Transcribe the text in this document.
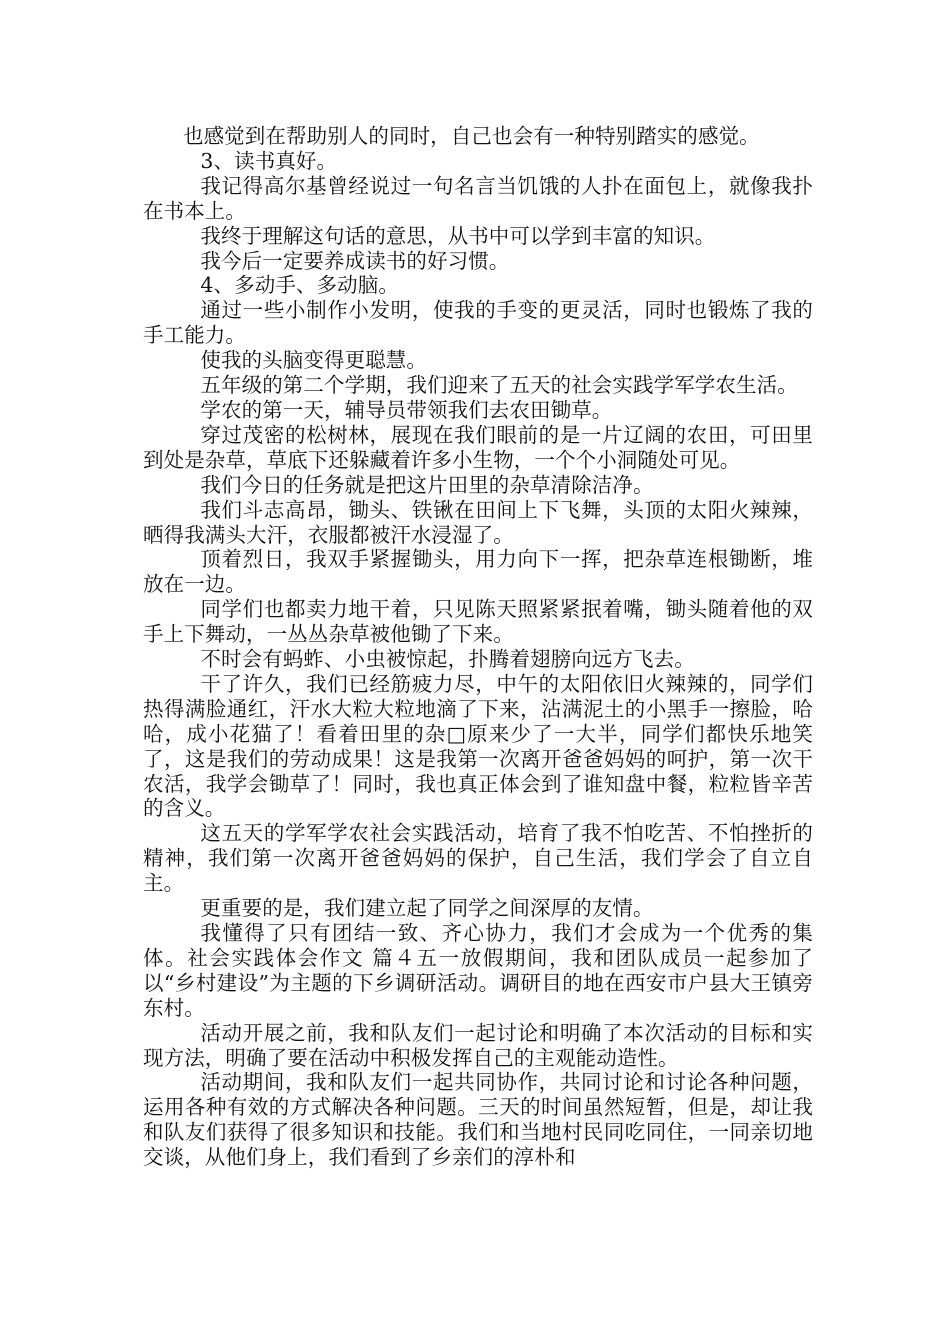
也感觉到在帮助别人的同时，自己也会有一种特别踏实的感觉。

3、读书真好。

我记得高尔基曾经说过一句名言当饥饿的人扑在面包上，就像我扑在书本上。

我终于理解这句话的意思，从书中可以学到丰富的知识。

我今后一定要养成读书的好习惯。

4、多动手、多动脑。

通过一些小制作小发明，使我的手变的更灵活，同时也锻炼了我的手工能力。

使我的头脑变得更聪慧。

五年级的第二个学期，我们迎来了五天的社会实践学军学农生活。

学农的第一天，辅导员带领我们去农田锄草。

穿过茂密的松树林，展现在我们眼前的是一片辽阔的农田，可田里到处是杂草，草底下还躲藏着许多小生物，一个个小洞随处可见。

我们今日的任务就是把这片田里的杂草清除洁净。

我们斗志高昂，锄头、铁锹在田间上下飞舞，头顶的太阳火辣辣，晒得我满头大汗，衣服都被汗水浸湿了。

顶着烈日，我双手紧握锄头，用力向下一挥，把杂草连根锄断，堆放在一边。

同学们也都卖力地干着，只见陈天照紧紧抿着嘴，锄头随着他的双手上下舞动，一丛丛杂草被他锄了下来。

不时会有蚂蚱、小虫被惊起，扑腾着翅膀向远方飞去。

干了许久，我们已经筋疲力尽，中午的太阳依旧火辣辣的，同学们热得满脸通红，汗水大粒大粒地滴了下来，沾满泥土的小黑手一擦脸，哈哈，成小花猫了！看着田里的杂□原来少了一大半，同学们都快乐地笑了，这是我们的劳动成果！这是我第一次离开爸爸妈妈的呵护，第一次干农活，我学会锄草了！同时，我也真正体会到了谁知盘中餐，粒粒皆辛苦的含义。

这五天的学军学农社会实践活动，培育了我不怕吃苦、不怕挫折的精神，我们第一次离开爸爸妈妈的保护，自己生活，我们学会了自立自主。

更重要的是，我们建立起了同学之间深厚的友情。

我懂得了只有团结一致、齐心协力，我们才会成为一个优秀的集体。社会实践体会作文 篇４五一放假期间，我和团队成员一起参加了以“乡村建设”为主题的下乡调研活动。调研目的地在西安市户县大王镇旁东村。

活动开展之前，我和队友们一起讨论和明确了本次活动的目标和实现方法，明确了要在活动中积极发挥自己的主观能动造性。

活动期间，我和队友们一起共同协作，共同讨论和讨论各种问题，运用各种有效的方式解决各种问题。三天的时间虽然短暂，但是，却让我和队友们获得了很多知识和技能。我们和当地村民同吃同住，一同亲切地交谈，从他们身上，我们看到了乡亲们的淳朴和
